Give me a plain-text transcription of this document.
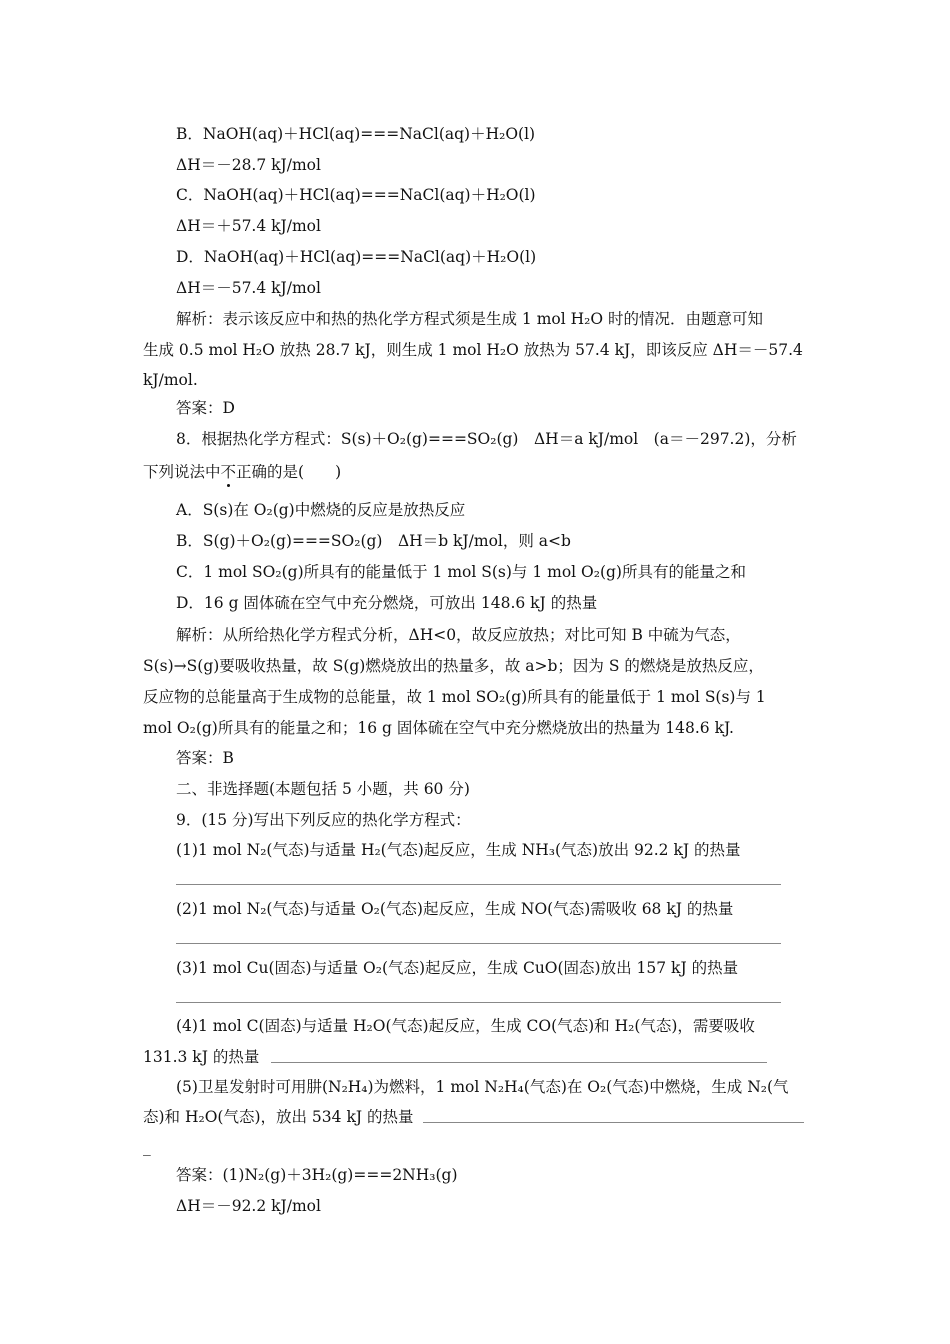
B．NaOH(aq)＋HCl(aq)===NaCl(aq)＋H₂O(l)
ΔH＝－28.7 kJ/mol
C．NaOH(aq)＋HCl(aq)===NaCl(aq)＋H₂O(l)
ΔH＝＋57.4 kJ/mol
D．NaOH(aq)＋HCl(aq)===NaCl(aq)＋H₂O(l)
ΔH＝－57.4 kJ/mol
解析：表示该反应中和热的热化学方程式须是生成 1 mol H₂O 时的情况．由题意可知
生成 0.5 mol H₂O 放热 28.7 kJ，则生成 1 mol H₂O 放热为 57.4 kJ，即该反应 ΔH＝－57.4
kJ/mol.
答案：D
8．根据热化学方程式：S(s)＋O₂(g)===SO₂(g)　ΔH＝a kJ/mol　(a＝－297.2)，分析
下列说法中不正确的是(　　)
A．S(s)在 O₂(g)中燃烧的反应是放热反应
B．S(g)＋O₂(g)===SO₂(g)　ΔH＝b kJ/mol，则 a<b
C．1 mol SO₂(g)所具有的能量低于 1 mol S(s)与 1 mol O₂(g)所具有的能量之和
D．16 g 固体硫在空气中充分燃烧，可放出 148.6 kJ 的热量
解析：从所给热化学方程式分析，ΔH<0，故反应放热；对比可知 B 中硫为气态，
S(s)→S(g)要吸收热量，故 S(g)燃烧放出的热量多，故 a>b；因为 S 的燃烧是放热反应，
反应物的总能量高于生成物的总能量，故 1 mol SO₂(g)所具有的能量低于 1 mol S(s)与 1
mol O₂(g)所具有的能量之和；16 g 固体硫在空气中充分燃烧放出的热量为 148.6 kJ.
答案：B
二、非选择题(本题包括 5 小题，共 60 分)
9．(15 分)写出下列反应的热化学方程式：
(1)1 mol N₂(气态)与适量 H₂(气态)起反应，生成 NH₃(气态)放出 92.2 kJ 的热量
(2)1 mol N₂(气态)与适量 O₂(气态)起反应，生成 NO(气态)需吸收 68 kJ 的热量
(3)1 mol Cu(固态)与适量 O₂(气态)起反应，生成 CuO(固态)放出 157 kJ 的热量
(4)1 mol C(固态)与适量 H₂O(气态)起反应，生成 CO(气态)和 H₂(气态)，需要吸收
131.3 kJ 的热量
(5)卫星发射时可用肼(N₂H₄)为燃料，1 mol N₂H₄(气态)在 O₂(气态)中燃烧，生成 N₂(气
态)和 H₂O(气态)，放出 534 kJ 的热量
_
答案：(1)N₂(g)＋3H₂(g)===2NH₃(g)
ΔH＝－92.2 kJ/mol
